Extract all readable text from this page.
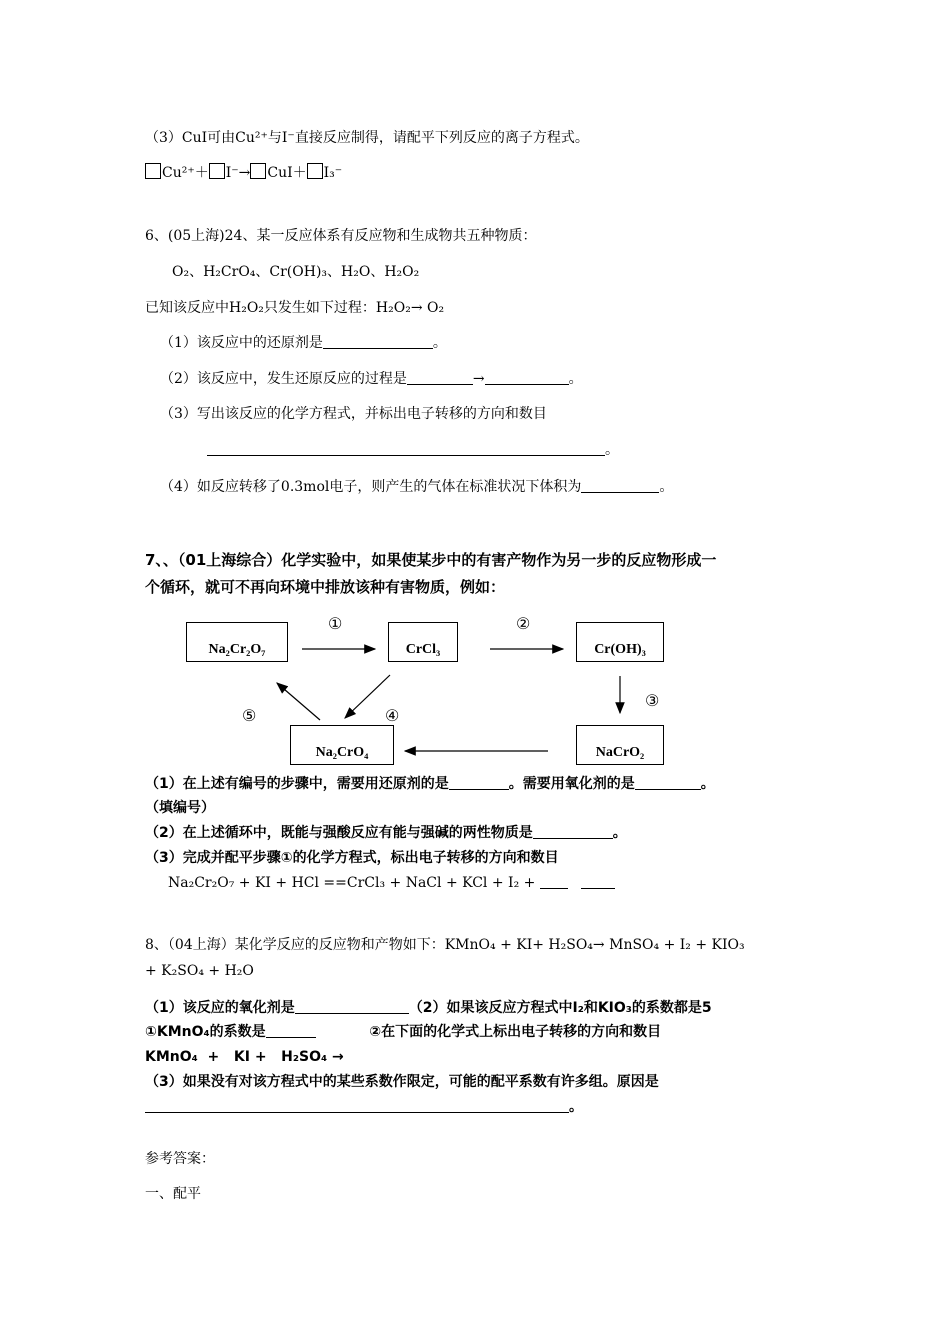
（3）CuI可由Cu²⁺与I⁻直接反应制得，请配平下列反应的离子方程式。
Cu²⁺＋ I⁻→ CuI＋ I₃⁻
6、(05上海)24、某一反应体系有反应物和生成物共五种物质：
O₂、H₂CrO₄、Cr(OH)₃、H₂O、H₂O₂
已知该反应中H₂O₂只发生如下过程：H₂O₂→ O₂
（1）该反应中的还原剂是	。
（2）该反应中，发生还原反应的过程是	→	。
（3）写出该反应的化学方程式，并标出电子转移的方向和数目
。
（4）如反应转移了0.3mol电子，则产生的气体在标准状况下体积为	。
7、、（01上海综合）化学实验中，如果使某步中的有害产物作为另一步的反应物形成一
个循环，就可不再向环境中排放该种有害物质，例如：
Na₂Cr₂O₇	CrCl₃	Cr(OH)₃
Na₂CrO₄	NaCrO₂
①	②
③
④
⑤
（1）在上述有编号的步骤中，需要用还原剂的是	。需要用氧化剂的是	。
（填编号）
（2）在上述循环中，既能与强酸反应有能与强碱的两性物质是	。
（3）完成并配平步骤①的化学方程式，标出电子转移的方向和数目
Na₂Cr₂O₇ + KI + HCl ==CrCl₃ + NaCl + KCl + I₂ +
8、（04上海）某化学反应的反应物和产物如下：KMnO₄ + KI+ H₂SO₄→ MnSO₄ + I₂ + KIO₃
+ K₂SO₄ + H₂O
（1）该反应的氧化剂是	（2）如果该反应方程式中I₂和KIO₃的系数都是5
①KMnO₄的系数是	②在下面的化学式上标出电子转移的方向和数目
KMnO₄  +   KI +   H₂SO₄ →
（3）如果没有对该方程式中的某些系数作限定，可能的配平系数有许多组。原因是
。
参考答案：
一、配平
